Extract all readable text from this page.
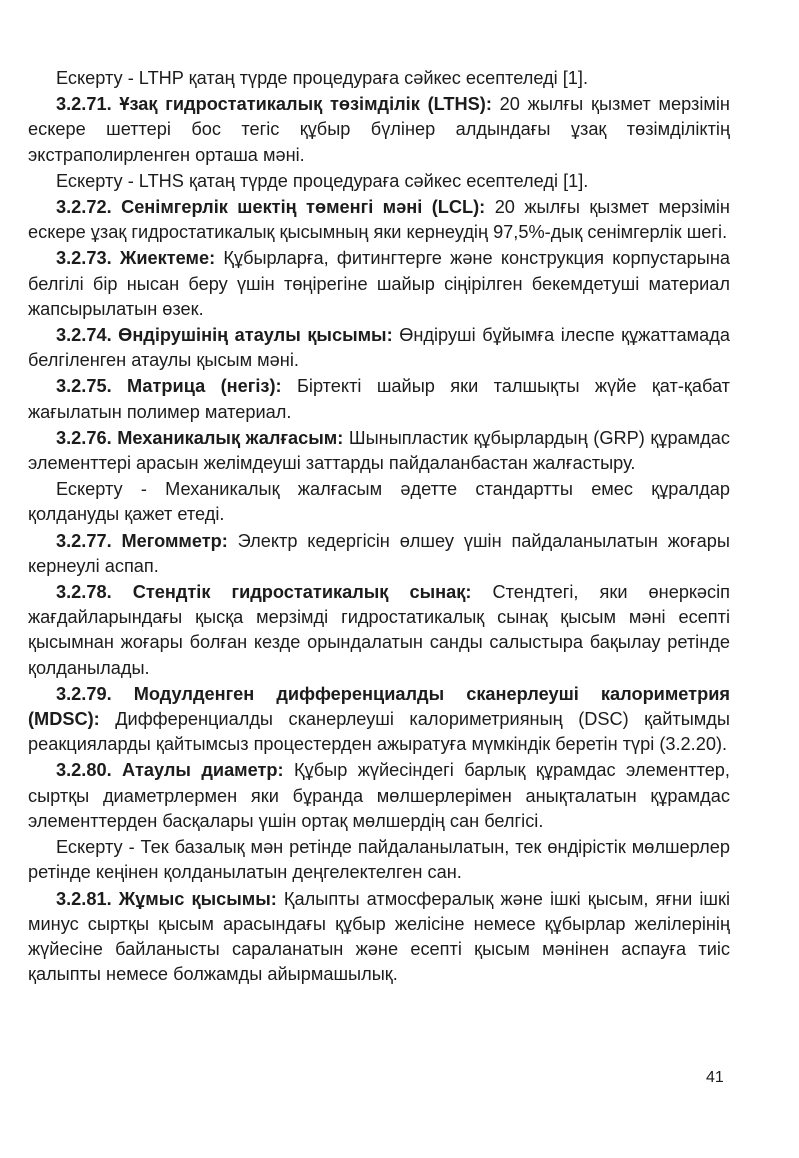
Ескерту - LTHP қатаң түрде процедураға сәйкес есептеледі [1].

3.2.71. Ұзақ гидростатикалық төзімділік (LTHS): 20 жылғы қызмет мерзімін ескере шеттері бос тегіс құбыр бүлінер алдындағы ұзақ төзімділіктің экстраполирленген орташа мәні.

Ескерту - LTHS қатаң түрде процедураға сәйкес есептеледі [1].

3.2.72. Сенімгерлік шектің төменгі мәні (LCL): 20 жылғы қызмет мерзімін ескере ұзақ гидростатикалық қысымның яки кернеудің 97,5%-дық сенімгерлік шегі.

3.2.73. Жиектеме: Құбырларға, фитингтерге және конструкция корпустарына белгілі бір нысан беру үшін төңірегіне шайыр сіңірілген бекемдетуші материал жапсырылатын өзек.

3.2.74. Өндірушінің атаулы қысымы: Өндіруші бұйымға ілеспе құжаттамада белгіленген атаулы қысым мәні.

3.2.75. Матрица (негіз): Біртекті шайыр яки талшықты жүйе қат-қабат жағылатын полимер материал.

3.2.76. Механикалық жалғасым: Шыныпластик құбырлардың (GRP) құрамдас элементтері арасын желімдеуші заттарды пайдаланбастан жалғастыру.

Ескерту - Механикалық жалғасым әдетте стандартты емес құралдар қолдануды қажет етеді.

3.2.77. Мегомметр: Электр кедергісін өлшеу үшін пайдаланылатын жоғары кернеулі аспап.

3.2.78. Стендтік гидростатикалық сынақ: Стендтегі, яки өнеркәсіп жағдайларындағы қысқа мерзімді гидростатикалық сынақ қысым мәні есепті қысымнан жоғары болған кезде орындалатын санды салыстыра бақылау ретінде қолданылады.

3.2.79. Модулденген дифференциалды сканерлеуші калориметрия (MDSC): Дифференциалды сканерлеуші калориметрияның (DSC) қайтымды реакцияларды қайтымсыз процестерден ажыратуға мүмкіндік беретін түрі (3.2.20).

3.2.80. Атаулы диаметр: Құбыр жүйесіндегі барлық құрамдас элементтер, сыртқы диаметрлермен яки бұранда мөлшерлерімен анықталатын құрамдас элементтерден басқалары үшін ортақ мөлшердің сан белгісі.

Ескерту - Тек базалық мән ретінде пайдаланылатын, тек өндірістік мөлшерлер ретінде кеңінен қолданылатын деңгелектелген сан.

3.2.81. Жұмыс қысымы: Қалыпты атмосфералық және ішкі қысым, яғни ішкі минус сыртқы қысым арасындағы құбыр желісіне немесе құбырлар желілерінің жүйесіне байланысты сараланатын және есепті қысым мәнінен аспауға тиіс қалыпты немесе болжамды айырмашылық.

41
